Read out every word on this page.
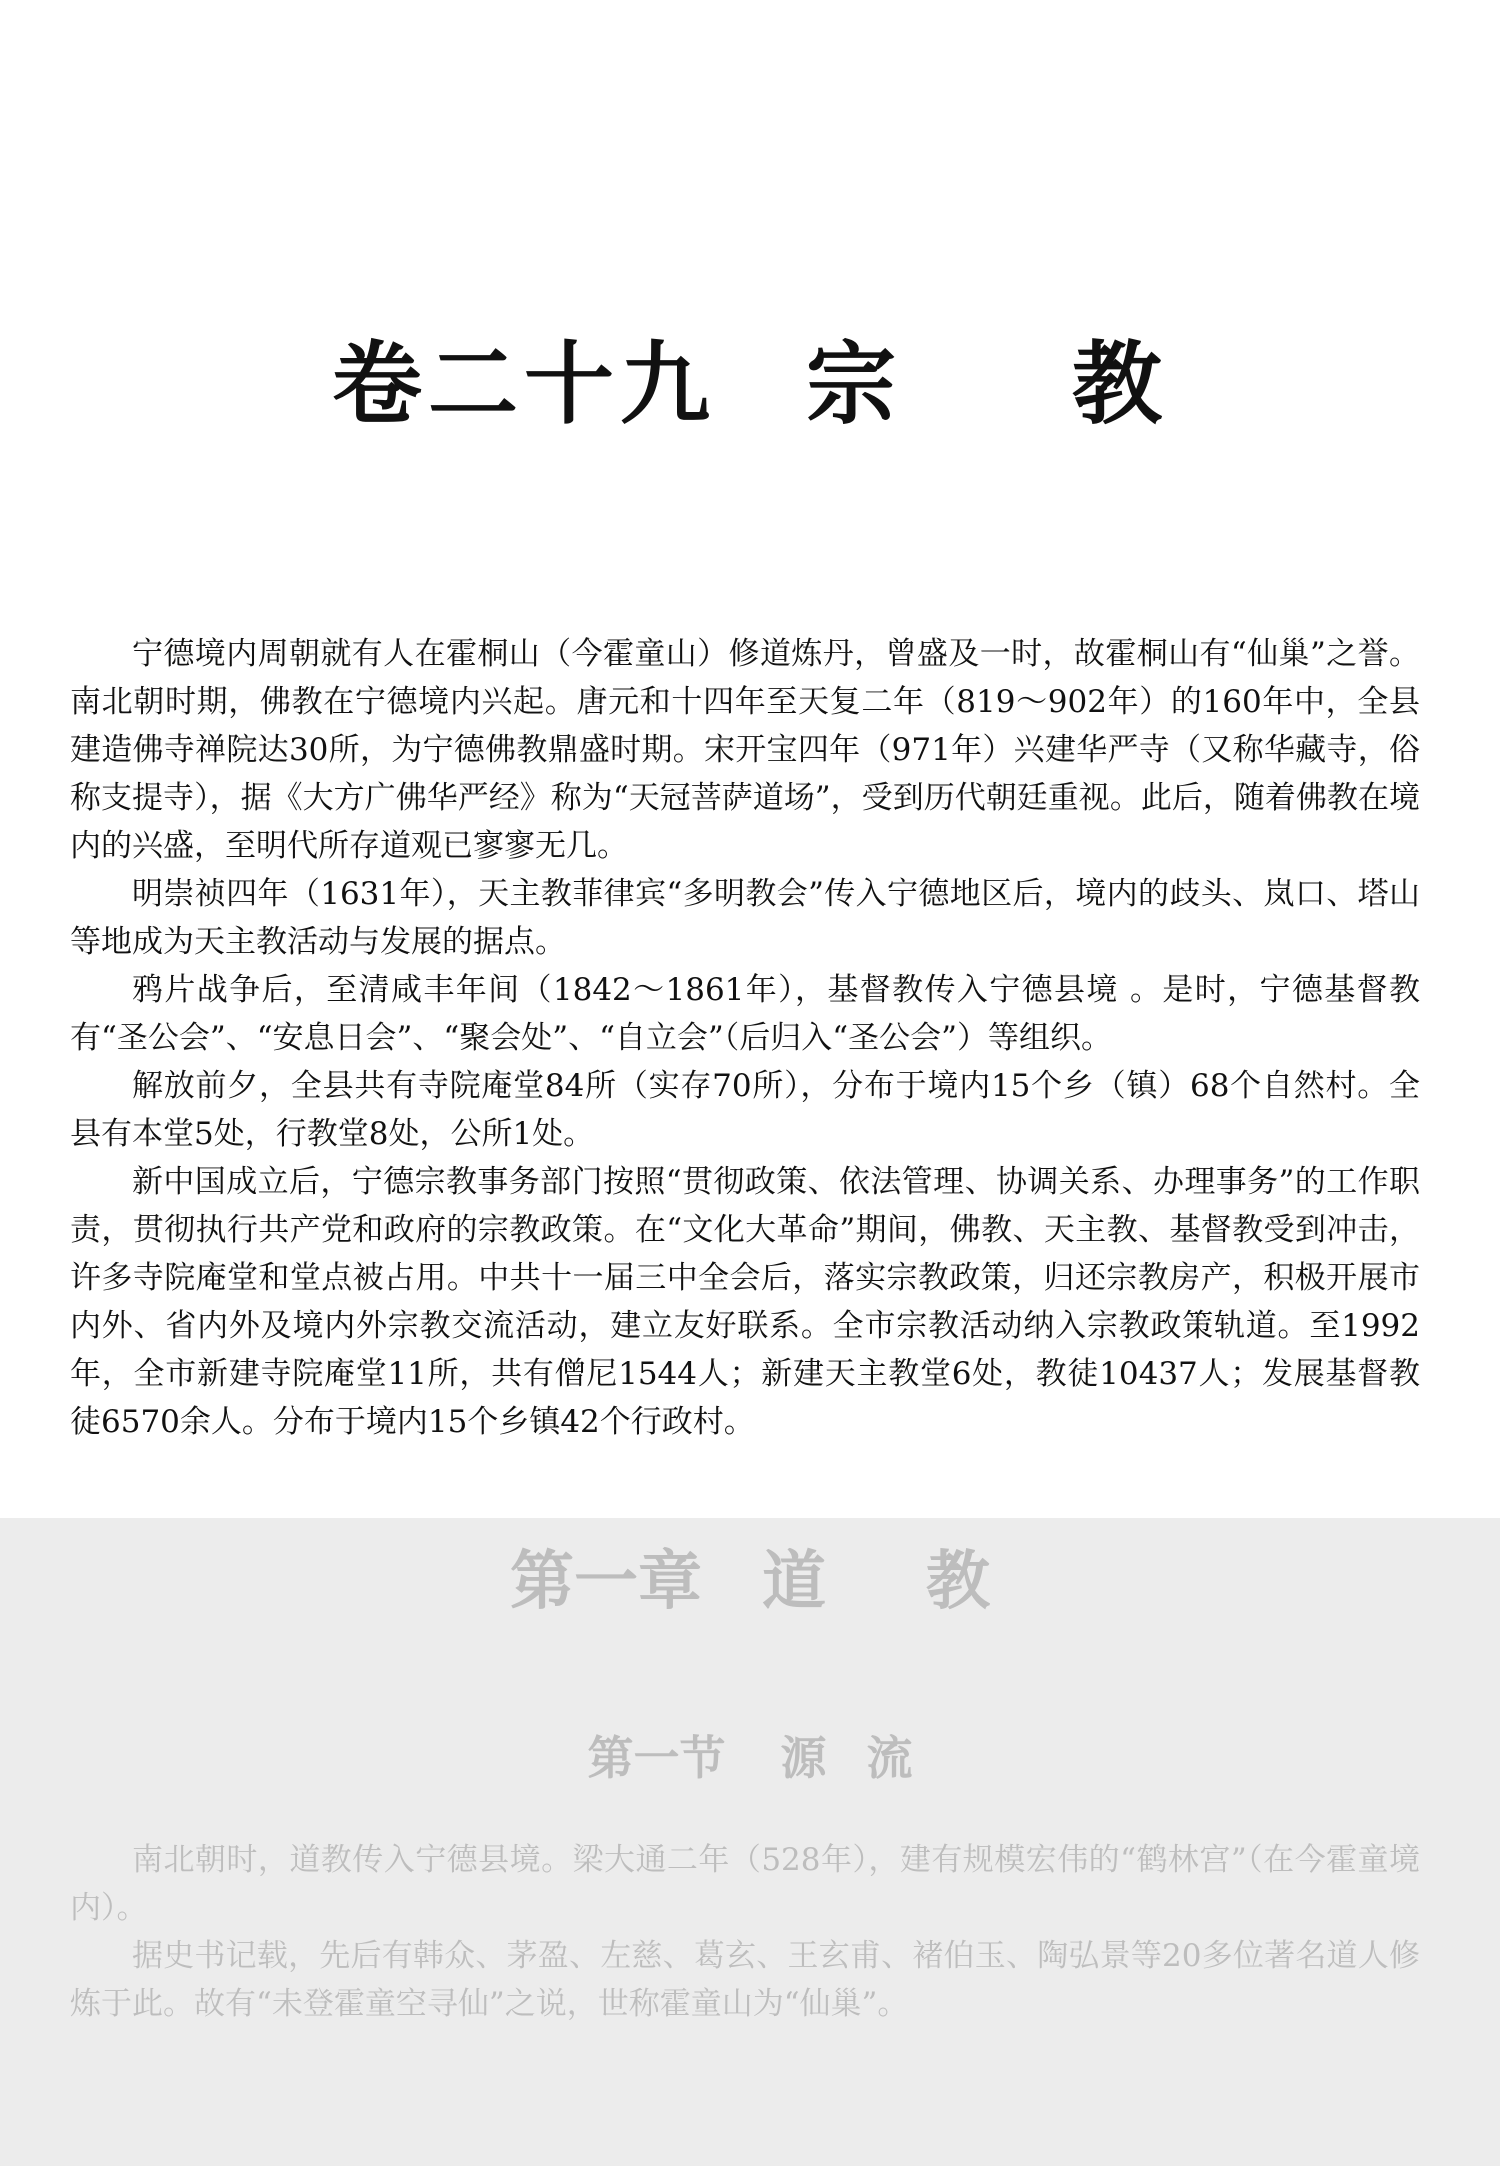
卷二十九 宗 教

宁德境内周朝就有人在霍桐山（今霍童山）修道炼丹，曾盛及一时，故霍桐山有“仙巢”之誉。南北朝时期，佛教在宁德境内兴起。唐元和十四年至天复二年（819～902年）的160年中，全县建造佛寺禅院达30所，为宁德佛教鼎盛时期。宋开宝四年（971年）兴建华严寺（又称华藏寺，俗称支提寺），据《大方广佛华严经》称为“天冠菩萨道场”，受到历代朝廷重视。此后，随着佛教在境内的兴盛，至明代所存道观已寥寥无几。

明崇祯四年（1631年），天主教菲律宾“多明教会”传入宁德地区后，境内的歧头、岚口、塔山等地成为天主教活动与发展的据点。

鸦片战争后，至清咸丰年间（1842～1861年），基督教传入宁德县境 。是时，宁德基督教有“圣公会”、“安息日会”、“聚会处”、“自立会”（后归入“圣公会”）等组织。

解放前夕，全县共有寺院庵堂84所（实存70所），分布于境内15个乡（镇）68个自然村。全县有本堂5处，行教堂8处，公所1处。

新中国成立后，宁德宗教事务部门按照“贯彻政策、依法管理、协调关系、办理事务”的工作职责，贯彻执行共产党和政府的宗教政策。在“文化大革命”期间，佛教、天主教、基督教受到冲击，许多寺院庵堂和堂点被占用。中共十一届三中全会后，落实宗教政策，归还宗教房产，积极开展市内外、省内外及境内外宗教交流活动，建立友好联系。全市宗教活动纳入宗教政策轨道。至1992年，全市新建寺院庵堂11所，共有僧尼1544人；新建天主教堂6处，教徒10437人；发展基督教徒6570余人。分布于境内15个乡镇42个行政村。

第一章 道 教
第一节 源 流

南北朝时，道教传入宁德县境。梁大通二年（528年），建有规模宏伟的“鹤林宫”（在今霍童境内）。

据史书记载，先后有韩众、茅盈、左慈、葛玄、王玄甫、褚伯玉、陶弘景等20多位著名道人修炼于此。故有“未登霍童空寻仙”之说，世称霍童山为“仙巢”。
